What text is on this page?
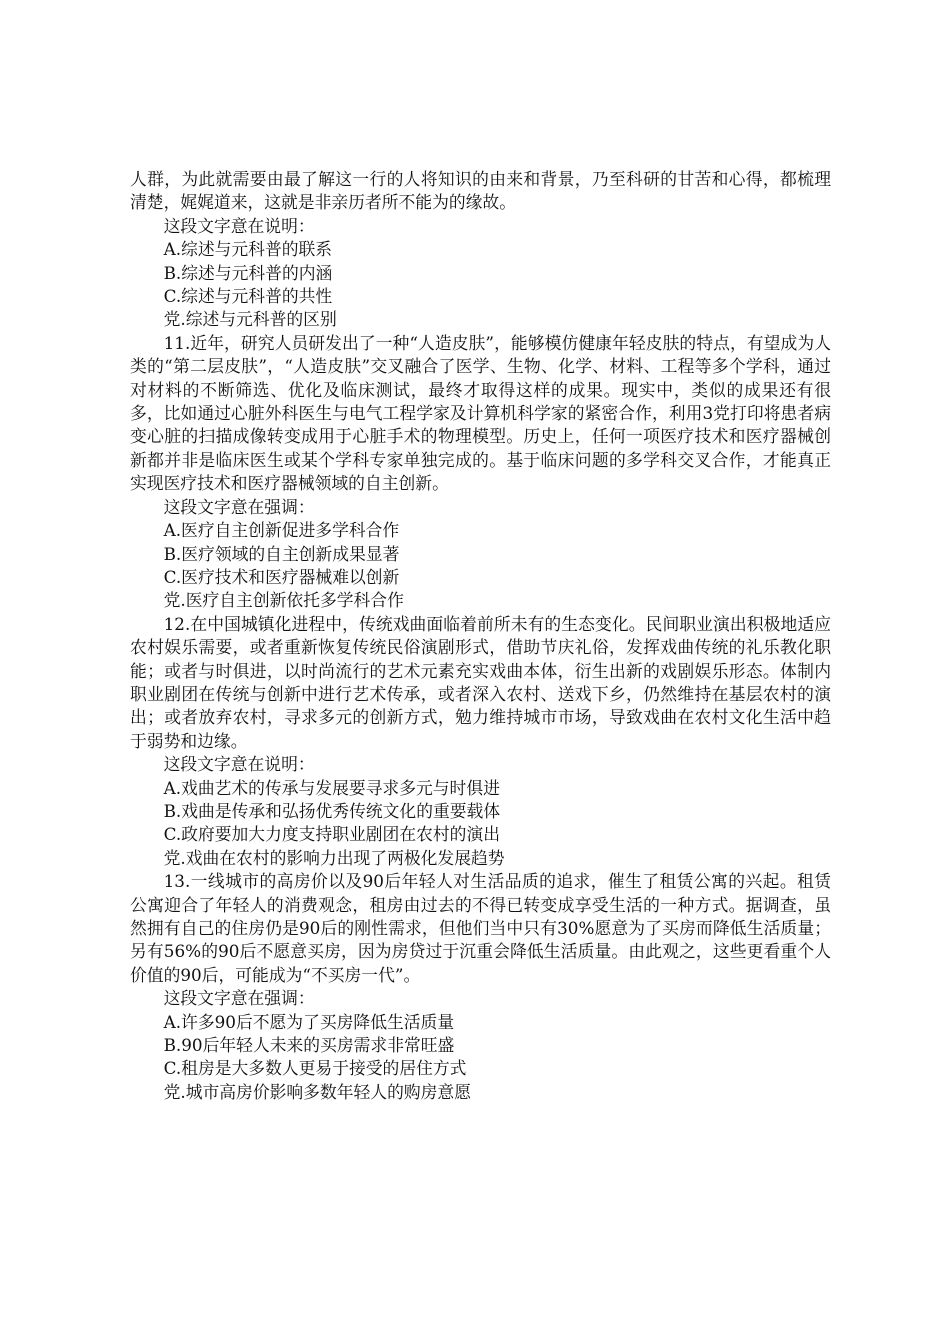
人群，为此就需要由最了解这一行的人将知识的由来和背景，乃至科研的甘苦和心得，都梳理清楚，娓娓道来，这就是非亲历者所不能为的缘故。

这段文字意在说明：

A.综述与元科普的联系

B.综述与元科普的内涵

C.综述与元科普的共性

党.综述与元科普的区别

11.近年，研究人员研发出了一种“人造皮肤”，能够模仿健康年轻皮肤的特点，有望成为人类的“第二层皮肤”，“人造皮肤”交叉融合了医学、生物、化学、材料、工程等多个学科，通过对材料的不断筛选、优化及临床测试，最终才取得这样的成果。现实中，类似的成果还有很多，比如通过心脏外科医生与电气工程学家及计算机科学家的紧密合作，利用3党打印将患者病变心脏的扫描成像转变成用于心脏手术的物理模型。历史上，任何一项医疗技术和医疗器械创新都并非是临床医生或某个学科专家单独完成的。基于临床问题的多学科交叉合作，才能真正实现医疗技术和医疗器械领域的自主创新。

这段文字意在强调：

A.医疗自主创新促进多学科合作

B.医疗领域的自主创新成果显著

C.医疗技术和医疗器械难以创新

党.医疗自主创新依托多学科合作

12.在中国城镇化进程中，传统戏曲面临着前所未有的生态变化。民间职业演出积极地适应农村娱乐需要，或者重新恢复传统民俗演剧形式，借助节庆礼俗，发挥戏曲传统的礼乐教化职能；或者与时俱进，以时尚流行的艺术元素充实戏曲本体，衍生出新的戏剧娱乐形态。体制内职业剧团在传统与创新中进行艺术传承，或者深入农村、送戏下乡，仍然维持在基层农村的演出；或者放弃农村，寻求多元的创新方式，勉力维持城市市场，导致戏曲在农村文化生活中趋于弱势和边缘。

这段文字意在说明：

A.戏曲艺术的传承与发展要寻求多元与时俱进

B.戏曲是传承和弘扬优秀传统文化的重要载体

C.政府要加大力度支持职业剧团在农村的演出

党.戏曲在农村的影响力出现了两极化发展趋势

13.一线城市的高房价以及90后年轻人对生活品质的追求，催生了租赁公寓的兴起。租赁公寓迎合了年轻人的消费观念，租房由过去的不得已转变成享受生活的一种方式。据调查，虽然拥有自己的住房仍是90后的刚性需求，但他们当中只有30%愿意为了买房而降低生活质量；另有56%的90后不愿意买房，因为房贷过于沉重会降低生活质量。由此观之，这些更看重个人价值的90后，可能成为“不买房一代”。

这段文字意在强调：

A.许多90后不愿为了买房降低生活质量

B.90后年轻人未来的买房需求非常旺盛

C.租房是大多数人更易于接受的居住方式

党.城市高房价影响多数年轻人的购房意愿
